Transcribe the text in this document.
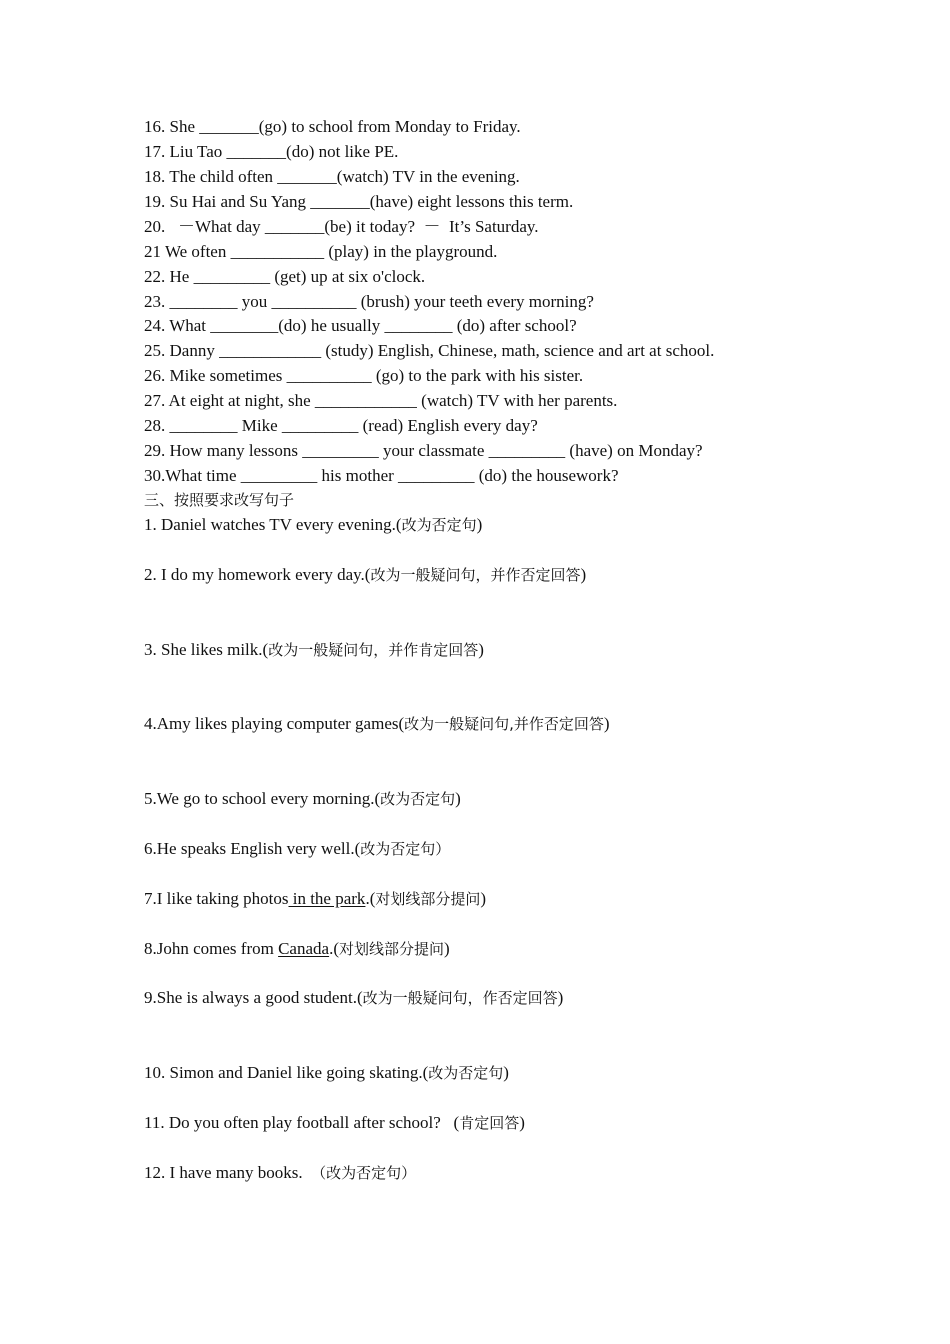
16. She _______(go) to school from Monday to Friday.
17. Liu Tao _______(do) not like PE.
18. The child often _______(watch) TV in the evening.
19. Su Hai and Su Yang _______(have) eight lessons this term.
20.   －What day _______(be) it today?  －  It’s Saturday.
21 We often ___________ (play) in the playground.
22. He _________ (get) up at six o'clock.
23. ________ you __________ (brush) your teeth every morning?
24. What ________(do) he usually ________ (do) after school?
25. Danny ____________ (study) English, Chinese, math, science and art at school.
26. Mike sometimes __________ (go) to the park with his sister.
27. At eight at night, she ____________ (watch) TV with her parents.
28. ________ Mike _________ (read) English every day?
29. How many lessons _________ your classmate _________ (have) on Monday?
30.What time _________ his mother _________ (do) the housework?
三、按照要求改写句子
1. Daniel watches TV every evening.(改为否定句)
2. I do my homework every day.(改为一般疑问句，并作否定回答)
3. She likes milk.(改为一般疑问句，并作肯定回答)
4.Amy likes playing computer games(改为一般疑问句,并作否定回答)
5.We go to school every morning.(改为否定句)
6.He speaks English very well.(改为否定句）
7.I like taking photos in the park.(对划线部分提问)
8.John comes from Canada.(对划线部分提问)
9.She is always a good student.(改为一般疑问句，作否定回答)
10. Simon and Daniel like going skating.(改为否定句)
11. Do you often play football after school?   (肯定回答)
12. I have many books.  （改为否定句）
